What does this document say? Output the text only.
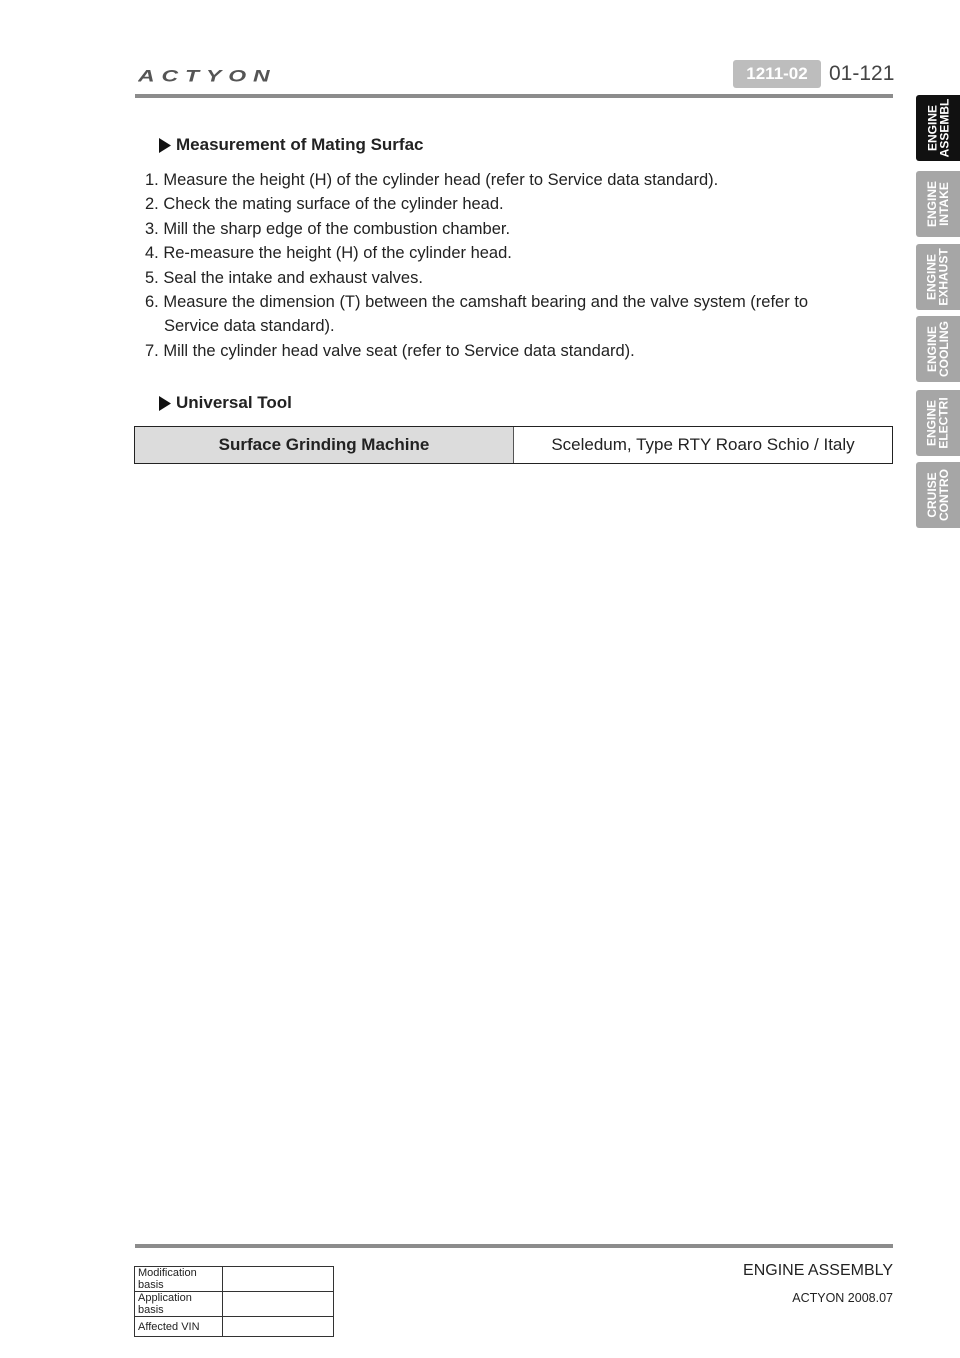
ACTYON	1211-02	01-121
ENGINE
ASSEMBL
ENGINE
INTAKE
ENGINE
EXHAUST
ENGINE
COOLING
ENGINE
ELECTRI
CRUISE
CONTRO
Measurement of Mating Surfac
1. Measure the height (H) of the cylinder head (refer to Service data standard).
2. Check the mating surface of the cylinder head.
3. Mill the sharp edge of the combustion chamber.
4. Re-measure the height (H) of the cylinder head.
5. Seal the intake and exhaust valves.
6. Measure the dimension (T) between the camshaft bearing and the valve system (refer to Service data standard).
7. Mill the cylinder head valve seat (refer to Service data standard).
Universal Tool
Surface Grinding Machine	Sceledum, Type RTY Roaro Schio / Italy
Modification basis	
Application basis	
Affected VIN	
ENGINE ASSEMBLY
ACTYON 2008.07
